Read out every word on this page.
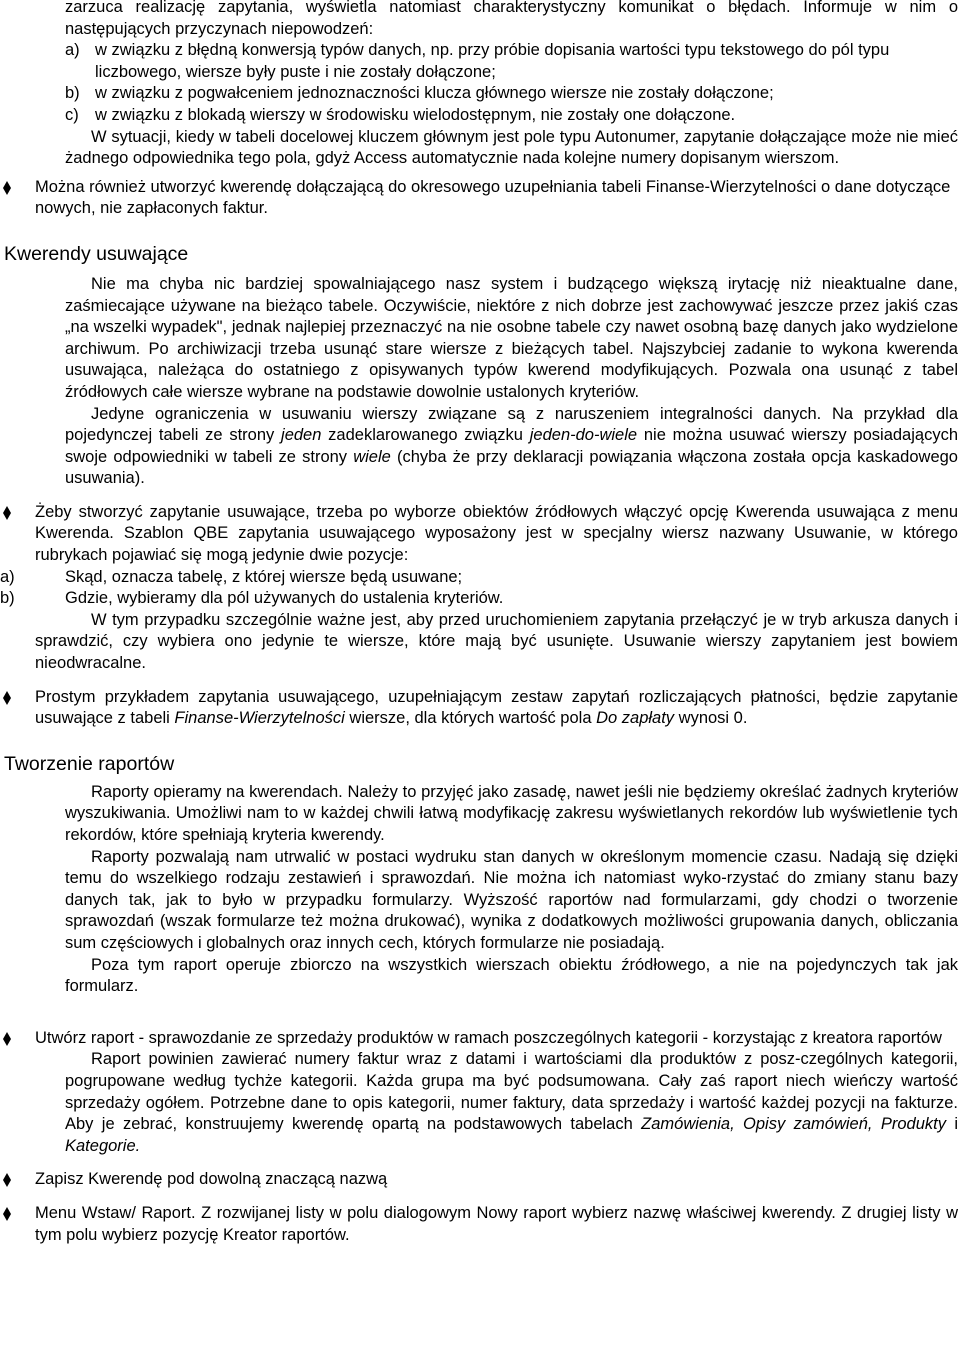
zarzuca realizację zapytania, wyświetla natomiast charakterystyczny komunikat o błędach. Informuje w nim o następujących przyczynach niepowodzeń:

a) w związku z błędną konwersją typów danych, np. przy próbie dopisania wartości typu tekstowego do pól typu liczbowego, wiersze były puste i nie zostały dołączone;
b) w związku z pogwałceniem jednoznaczności klucza głównego wiersze nie zostały dołączone;
c) w związku z blokadą wierszy w środowisku wielodostępnym, nie zostały one dołączone.

W sytuacji, kiedy w tabeli docelowej kluczem głównym jest pole typu Autonumer, zapytanie dołączające może nie mieć żadnego odpowiednika tego pola, gdyż Access automatycznie nada kolejne numery dopisanym wierszom.

Można również utworzyć kwerendę dołączającą do okresowego uzupełniania tabeli Finanse-Wierzytelności o dane dotyczące nowych, nie zapłaconych faktur.

Kwerendy usuwające

Nie ma chyba nic bardziej spowalniającego nasz system i budzącego większą irytację niż nieaktualne dane, zaśmiecające używane na bieżąco tabele. Oczywiście, niektóre z nich dobrze jest zachowywać jeszcze przez jakiś czas „na wszelki wypadek", jednak najlepiej przeznaczyć na nie osobne tabele czy nawet osobną bazę danych jako wydzielone archiwum. Po archiwizacji trzeba usunąć stare wiersze z bieżących tabel. Najszybciej zadanie to wykona kwerenda usuwająca, należąca do ostatniego z opisywanych typów kwerend modyfikujących. Pozwala ona usunąć z tabel źródłowych całe wiersze wybrane na podstawie dowolnie ustalonych kryteriów.

Jedyne ograniczenia w usuwaniu wierszy związane są z naruszeniem integralności danych. Na przykład dla pojedynczej tabeli ze strony jeden zadeklarowanego związku jeden-do-wiele nie można usuwać wierszy posiadających swoje odpowiedniki w tabeli ze strony wiele (chyba że przy deklaracji powiązania włączona została opcja kaskadowego usuwania).

Żeby stworzyć zapytanie usuwające, trzeba po wyborze obiektów źródłowych włączyć opcję Kwerenda usuwająca z menu Kwerenda. Szablon QBE zapytania usuwającego wyposażony jest w specjalny wiersz nazwany Usuwanie, w którego rubrykach pojawiać się mogą jedynie dwie pozycje:

a)	Skąd, oznacza tabelę, z której wiersze będą usuwane;
b)	Gdzie, wybieramy dla pól używanych do ustalenia kryteriów.

W tym przypadku szczególnie ważne jest, aby przed uruchomieniem zapytania przełączyć je w tryb arkusza danych i sprawdzić, czy wybiera ono jedynie te wiersze, które mają być usunięte. Usuwanie wierszy zapytaniem jest bowiem nieodwracalne.

Prostym przykładem zapytania usuwającego, uzupełniającym zestaw zapytań rozliczających płatności, będzie zapytanie usuwające z tabeli Finanse-Wierzytelności wiersze, dla których wartość pola Do zapłaty wynosi 0.

Tworzenie raportów

Raporty opieramy na kwerendach. Należy to przyjęć jako zasadę, nawet jeśli nie będziemy określać żadnych kryteriów wyszukiwania. Umożliwi nam to w każdej chwili łatwą modyfikację zakresu wyświetlanych rekordów lub wyświetlenie tych rekordów, które spełniają kryteria kwerendy.

Raporty pozwalają nam utrwalić w postaci wydruku stan danych w określonym momencie czasu. Nadają się dzięki temu do wszelkiego rodzaju zestawień i sprawozdań. Nie można ich natomiast wyko-rzystać do zmiany stanu bazy danych tak, jak to było w przypadku formularzy. Wyższość raportów nad formularzami, gdy chodzi o tworzenie sprawozdań (wszak formularze też można drukować), wynika z dodatkowych możliwości grupowania danych, obliczania sum częściowych i globalnych oraz innych cech, których formularze nie posiadają.

Poza tym raport operuje zbiorczo na wszystkich wierszach obiektu źródłowego, a nie na pojedynczych tak jak formularz.

Utwórz raport - sprawozdanie ze sprzedaży produktów w ramach poszczególnych kategorii - korzystając z kreatora raportów

Raport powinien zawierać numery faktur wraz z datami i wartościami dla produktów z posz-czególnych kategorii, pogrupowane według tychże kategorii. Każda grupa ma być podsumowana. Cały zaś raport niech wieńczy wartość sprzedaży ogółem. Potrzebne dane to opis kategorii, numer faktury, data sprzedaży i wartość każdej pozycji na fakturze. Aby je zebrać, konstruujemy kwerendę opartą na podstawowych tabelach Zamówienia, Opisy zamówień, Produkty i Kategorie.

Zapisz Kwerendę pod dowolną znaczącą nazwą

Menu Wstaw/ Raport. Z rozwijanej listy w polu dialogowym Nowy raport wybierz nazwę właściwej kwerendy. Z drugiej listy w tym polu wybierz pozycję Kreator raportów.
